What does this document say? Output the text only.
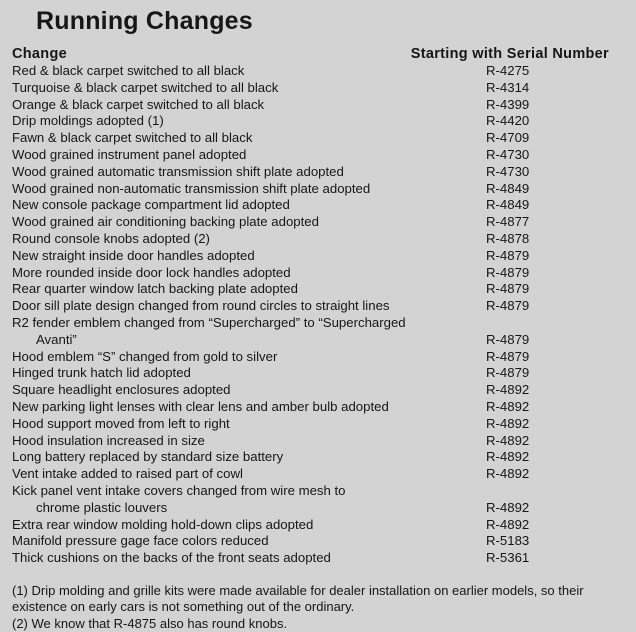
Running Changes
Change	Starting with Serial Number
Red & black carpet switched to all black	R-4275
Turquoise & black carpet switched to all black	R-4314
Orange & black carpet switched to all black	R-4399
Drip moldings adopted (1)	R-4420
Fawn & black carpet switched to all black	R-4709
Wood grained instrument panel adopted	R-4730
Wood grained automatic transmission shift plate adopted	R-4730
Wood grained non-automatic transmission shift plate adopted	R-4849
New console package compartment lid adopted	R-4849
Wood grained air conditioning backing plate adopted	R-4877
Round console knobs adopted (2)	R-4878
New straight inside door handles adopted	R-4879
More rounded inside door lock handles adopted	R-4879
Rear quarter window latch backing plate adopted	R-4879
Door sill plate design changed from round circles to straight lines	R-4879
R2 fender emblem changed from “Supercharged” to “Supercharged
Avanti”	R-4879
Hood emblem “S” changed from gold to silver	R-4879
Hinged trunk hatch lid adopted	R-4879
Square headlight enclosures adopted	R-4892
New parking light lenses with clear lens and amber bulb adopted	R-4892
Hood support moved from left to right	R-4892
Hood insulation increased in size	R-4892
Long battery replaced by standard size battery	R-4892
Vent intake added to raised part of cowl	R-4892
Kick panel vent intake covers changed from wire mesh to
chrome plastic louvers	R-4892
Extra rear window molding hold-down clips adopted	R-4892
Manifold pressure gage face colors reduced	R-5183
Thick cushions on the backs of the front seats adopted	R-5361

(1) Drip molding and grille kits were made available for dealer installation on earlier models, so their

existence on early cars is not something out of the ordinary.

(2) We know that R-4875 also has round knobs.
